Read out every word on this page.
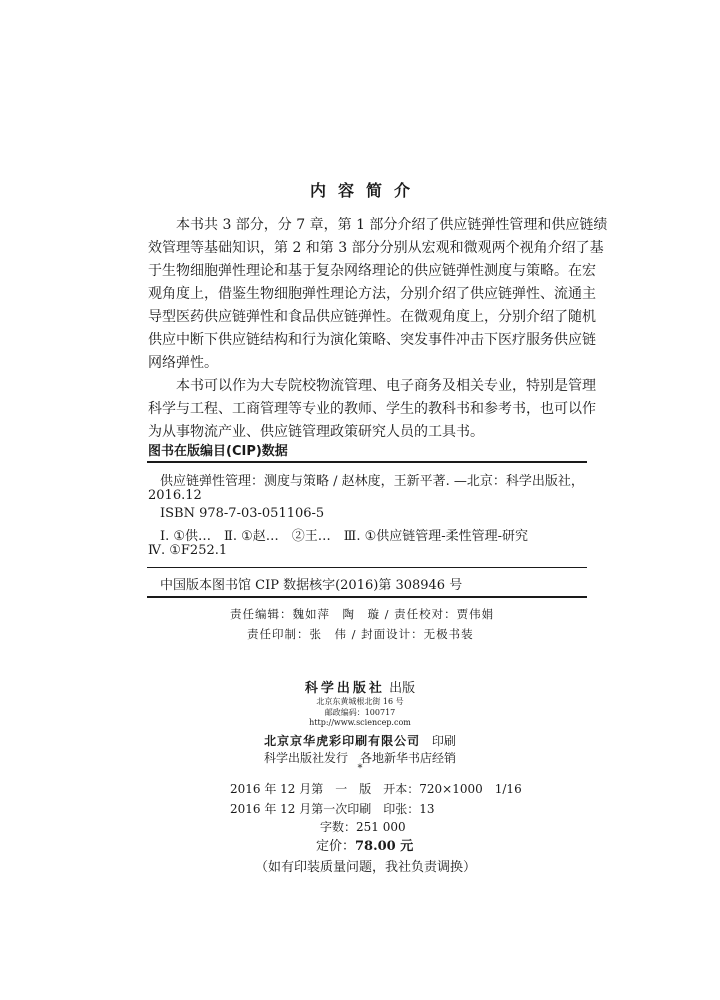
内容简介
　　本书共 3 部分，分 7 章，第 1 部分介绍了供应链弹性管理和供应链绩
效管理等基础知识，第 2 和第 3 部分分别从宏观和微观两个视角介绍了基
于生物细胞弹性理论和基于复杂网络理论的供应链弹性测度与策略。在宏
观角度上，借鉴生物细胞弹性理论方法，分别介绍了供应链弹性、流通主
导型医药供应链弹性和食品供应链弹性。在微观角度上，分别介绍了随机
供应中断下供应链结构和行为演化策略、突发事件冲击下医疗服务供应链
网络弹性。
　　本书可以作为大专院校物流管理、电子商务及相关专业，特别是管理
科学与工程、工商管理等专业的教师、学生的教科书和参考书，也可以作
为从事物流产业、供应链管理政策研究人员的工具书。
图书在版编目(CIP)数据
供应链弹性管理：测度与策略 / 赵林度，王新平著. —北京：科学出版社，
2016.12
ISBN 978-7-03-051106-5
Ⅰ. ①供…　Ⅱ. ①赵…　②王…　Ⅲ. ①供应链管理-柔性管理-研究
Ⅳ. ①F252.1
中国版本图书馆 CIP 数据核字(2016)第 308946 号
责任编辑：魏如萍　陶　璇 / 责任校对：贾伟娟
责任印制：张　伟 / 封面设计：无极书装
科学出版社 出版
北京东黄城根北街 16 号
邮政编码：100717
http://www.sciencep.com
北京京华虎彩印刷有限公司 印刷
科学出版社发行　各地新华书店经销
*
2016 年 12 月第　一　版　开本：720×1000　1/16
2016 年 12 月第一次印刷　印张：13
字数：251 000
定价：78.00 元
（如有印装质量问题，我社负责调换）
